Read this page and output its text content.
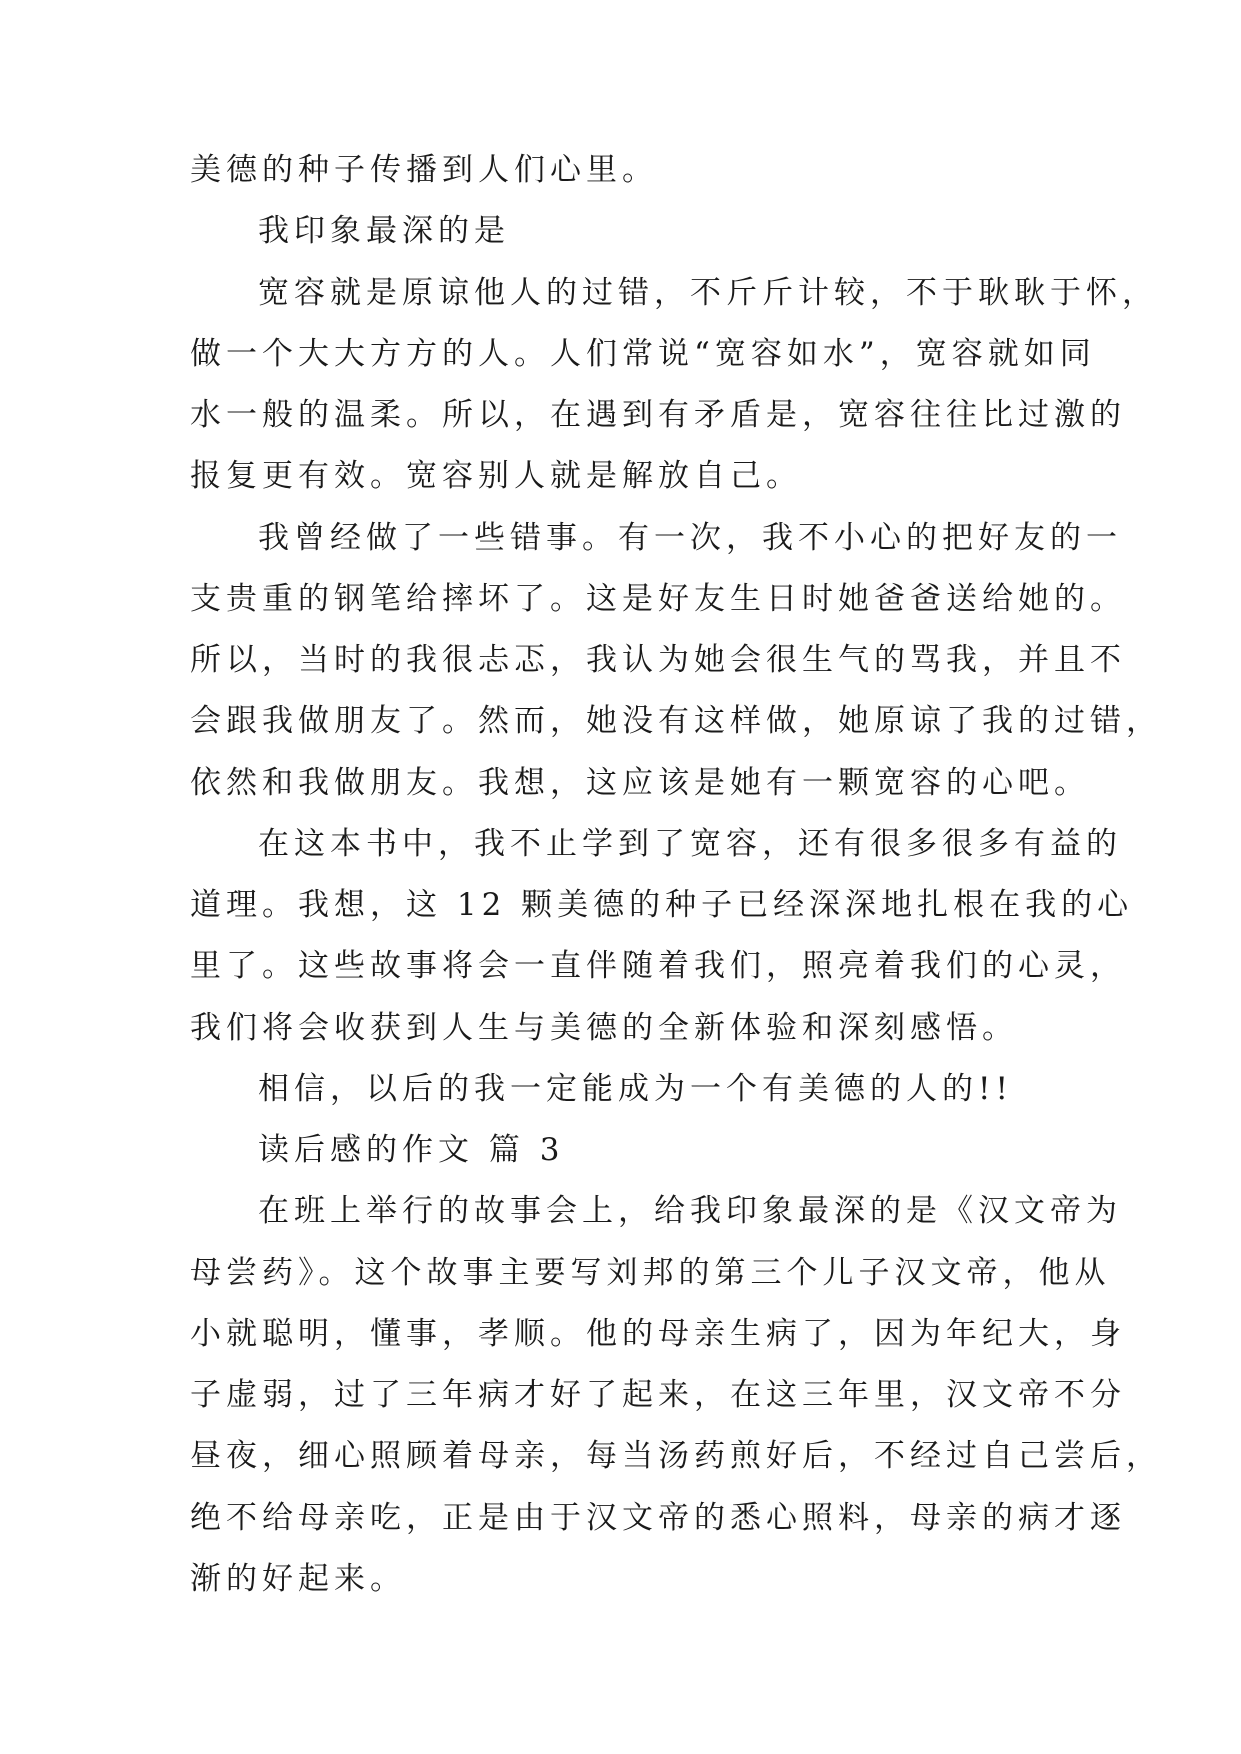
美德的种子传播到人们心里。
我印象最深的是
宽容就是原谅他人的过错，不斤斤计较，不于耿耿于怀，
做一个大大方方的人。人们常说“宽容如水”，宽容就如同
水一般的温柔。所以，在遇到有矛盾是，宽容往往比过激的
报复更有效。宽容别人就是解放自己。
我曾经做了一些错事。有一次，我不小心的把好友的一
支贵重的钢笔给摔坏了。这是好友生日时她爸爸送给她的。
所以，当时的我很忐忑，我认为她会很生气的骂我，并且不
会跟我做朋友了。然而，她没有这样做，她原谅了我的过错，
依然和我做朋友。我想，这应该是她有一颗宽容的心吧。
在这本书中，我不止学到了宽容，还有很多很多有益的
道理。我想，这 12 颗美德的种子已经深深地扎根在我的心
里了。这些故事将会一直伴随着我们，照亮着我们的心灵，
我们将会收获到人生与美德的全新体验和深刻感悟。
相信，以后的我一定能成为一个有美德的人的!!
读后感的作文 篇 3
在班上举行的故事会上，给我印象最深的是《汉文帝为
母尝药》。这个故事主要写刘邦的第三个儿子汉文帝，他从
小就聪明，懂事，孝顺。他的母亲生病了，因为年纪大，身
子虚弱，过了三年病才好了起来，在这三年里，汉文帝不分
昼夜，细心照顾着母亲，每当汤药煎好后，不经过自己尝后，
绝不给母亲吃，正是由于汉文帝的悉心照料，母亲的病才逐
渐的好起来。
